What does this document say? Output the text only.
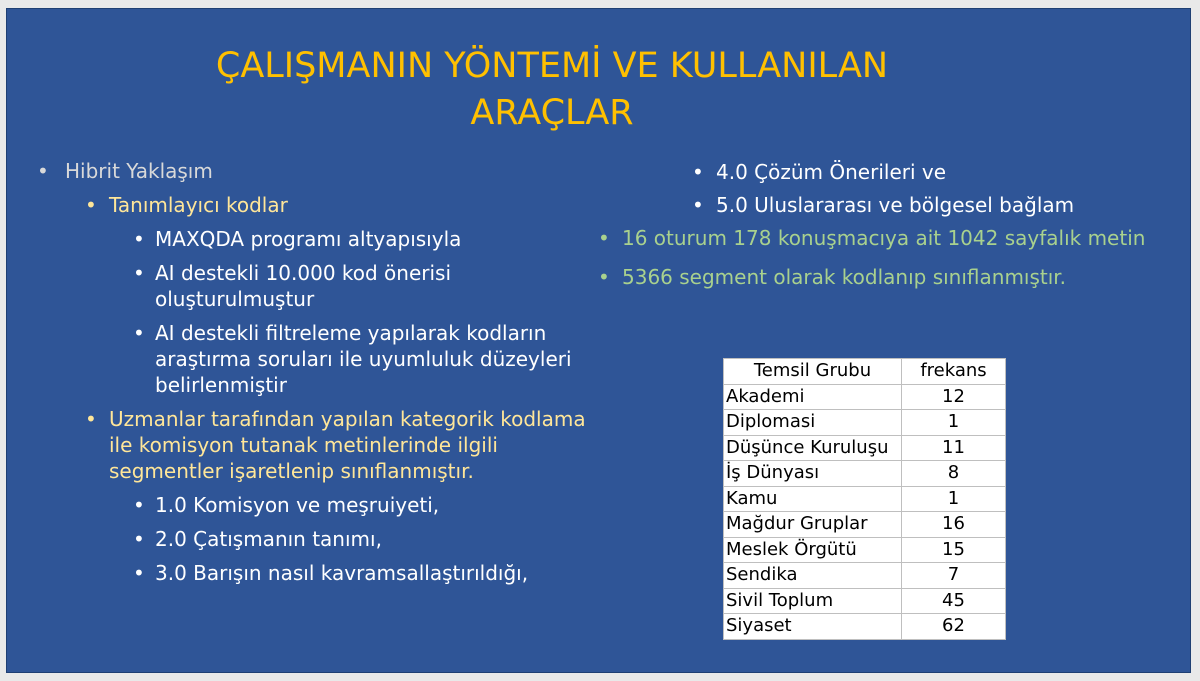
ÇALIŞMANIN YÖNTEMİ VE KULLANILAN
ARAÇLAR
• Hibrit Yaklaşım
• Tanımlayıcı kodlar
• MAXQDA programı altyapısıyla
• AI destekli 10.000 kod önerisi oluşturulmuştur
• AI destekli filtreleme yapılarak kodların araştırma soruları ile uyumluluk düzeyleri belirlenmiştir
• Uzmanlar tarafından yapılan kategorik kodlama ile komisyon tutanak metinlerinde ilgili segmentler işaretlenip sınıflanmıştır.
• 1.0 Komisyon ve meşruiyeti,
• 2.0 Çatışmanın tanımı,
• 3.0 Barışın nasıl kavramsallaştırıldığı,
• 4.0 Çözüm Önerileri ve
• 5.0 Uluslararası ve bölgesel bağlam
• 16 oturum 178 konuşmacıya ait 1042 sayfalık metin
• 5366 segment olarak kodlanıp sınıflanmıştır.
Temsil Grubu	frekans
Akademi	12
Diplomasi	1
Düşünce Kuruluşu	11
İş Dünyası	8
Kamu	1
Mağdur Gruplar	16
Meslek Örgütü	15
Sendika	7
Sivil Toplum	45
Siyaset	62
